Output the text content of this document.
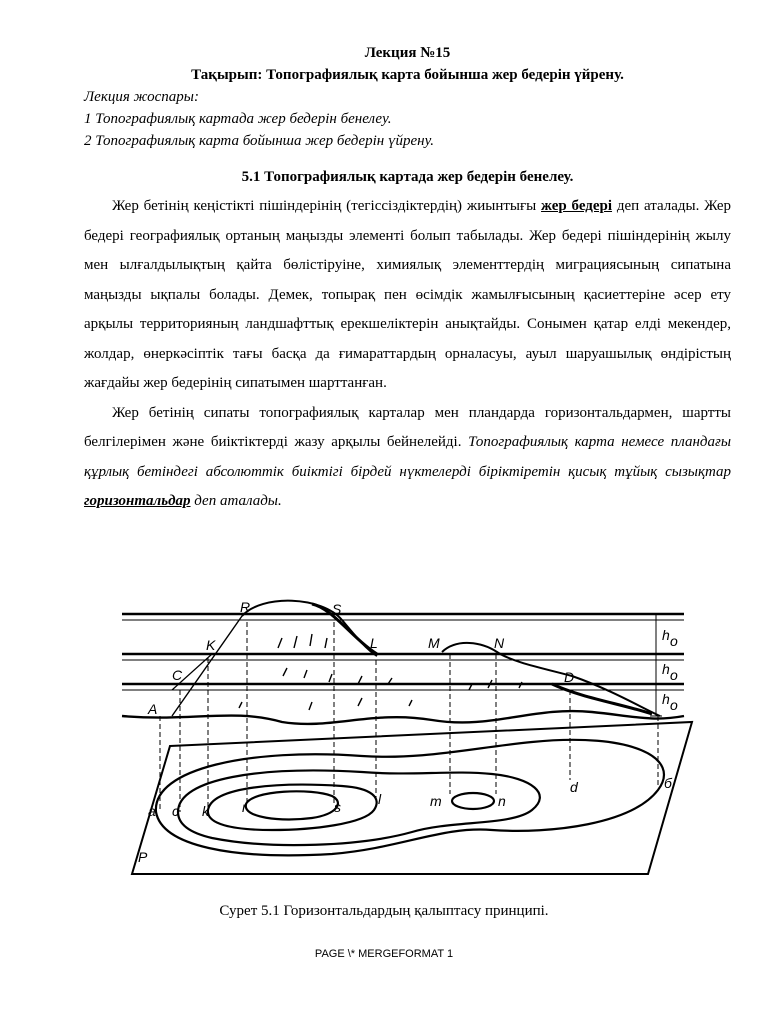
Лекция №15
Тақырып: Топографиялық карта бойынша жер бедерін үйрену.
Лекция жоспары:
1 Топографиялық картада жер бедерін бенелеу.
2 Топографиялық карта бойынша жер бедерін үйрену.
5.1 Топографиялық картада жер бедерін бенелеу.

Жер бетінің кеңістікті пішіндерінің (тегіссіздіктердің) жиынтығы жер бедері деп аталады. Жер бедері географиялық ортаның маңызды элементі болып табылады. Жер бедері пішіндерінің жылу мен ылғалдылықтың қайта бөлістіруіне, химиялық элементтердің миграциясының сипатына маңызды ықпалы болады. Демек, топырақ пен өсімдік жамылғысының қасиеттеріне әсер ету арқылы территорияның ландшафттық ерекшеліктерін анықтайды. Сонымен қатар елді мекендер, жолдар, өнеркәсіптік тағы басқа да ғимараттардың орналасуы, ауыл шаруашылық өндірістың жағдайы жер бедерінің сипатымен шарттанған.

Жер бетінің сипаты топографиялық карталар мен пландарда горизонтальдармен, шартты белгілерімен және биіктіктерді жазу арқылы бейнелейді. Топографиялық карта немесе пландағы құрлық бетіндегі абсолюттік биіктігі бірдей нүктелерді біріктіретін қисық тұйық сызықтар горизонтальдар деп аталады.

R	S
K	L	M	N
C	D
A
h o
h o
h o
a c k r	s	l	m	n
d	б
P
Сурет 5.1 Горизонтальдардың қалыптасу принципі.
PAGE \* MERGEFORMAT 1
